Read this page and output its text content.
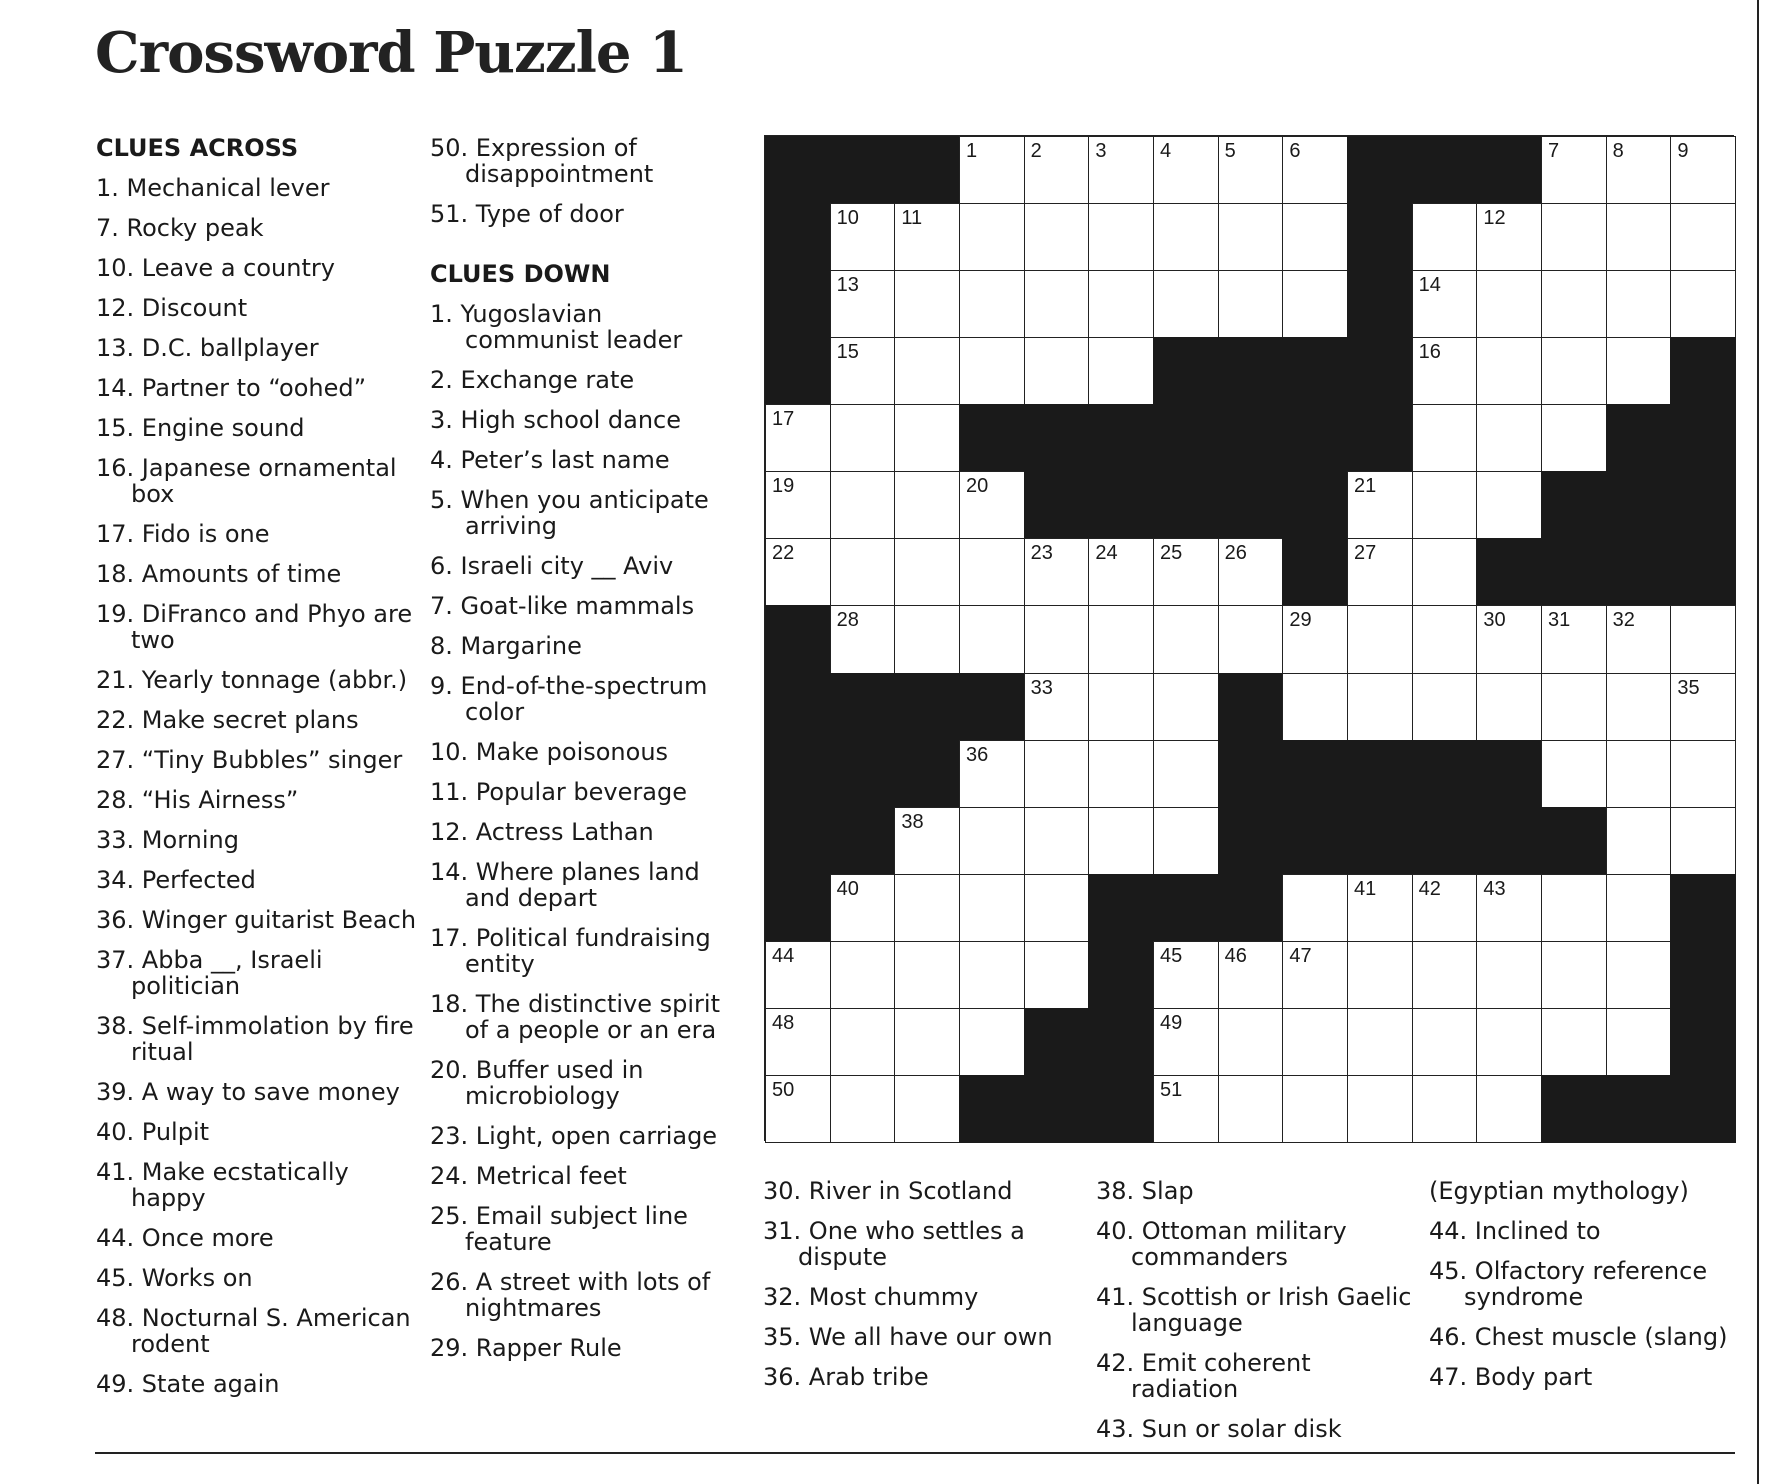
Crossword Puzzle 1
CLUES ACROSS
1. Mechanical lever
7. Rocky peak
10. Leave a country
12. Discount
13. D.C. ballplayer
14. Partner to “oohed”
15. Engine sound
16. Japanese ornamental box
17. Fido is one
18. Amounts of time
19. DiFranco and Phyo are two
21. Yearly tonnage (abbr.)
22. Make secret plans
27. “Tiny Bubbles” singer
28. “His Airness”
33. Morning
34. Perfected
36. Winger guitarist Beach
37. Abba __, Israeli politician
38. Self-immolation by fire ritual
39. A way to save money
40. Pulpit
41. Make ecstatically happy
44. Once more
45. Works on
48. Nocturnal S. American rodent
49. State again
50. Expression of disappointment
51. Type of door
CLUES DOWN
1. Yugoslavian communist leader
2. Exchange rate
3. High school dance
4. Peter’s last name
5. When you anticipate arriving
6. Israeli city __ Aviv
7. Goat-like mammals
8. Margarine
9. End-of-the-spectrum color
10. Make poisonous
11. Popular beverage
12. Actress Lathan
14. Where planes land and depart
17. Political fundraising entity
18. The distinctive spirit of a people or an era
20. Buffer used in microbiology
23. Light, open carriage
24. Metrical feet
25. Email subject line feature
26. A street with lots of nightmares
29. Rapper Rule
30. River in Scotland
31. One who settles a dispute
32. Most chummy
35. We all have our own
36. Arab tribe
38. Slap
40. Ottoman military commanders
41. Scottish or Irish Gaelic language
42. Emit coherent radiation
43. Sun or solar disk
(Egyptian mythology)
44. Inclined to
45. Olfactory reference syndrome
46. Chest muscle (slang)
47. Body part
1	2	3	4	5	6	7	8	9
10 11	12
13	14
15	16
17
19	20	21
22	23 24 25 26	27
28	29	30 31 32
33	35
36
38
40	41 42 43
44	45 46 47
48	49
50	51
